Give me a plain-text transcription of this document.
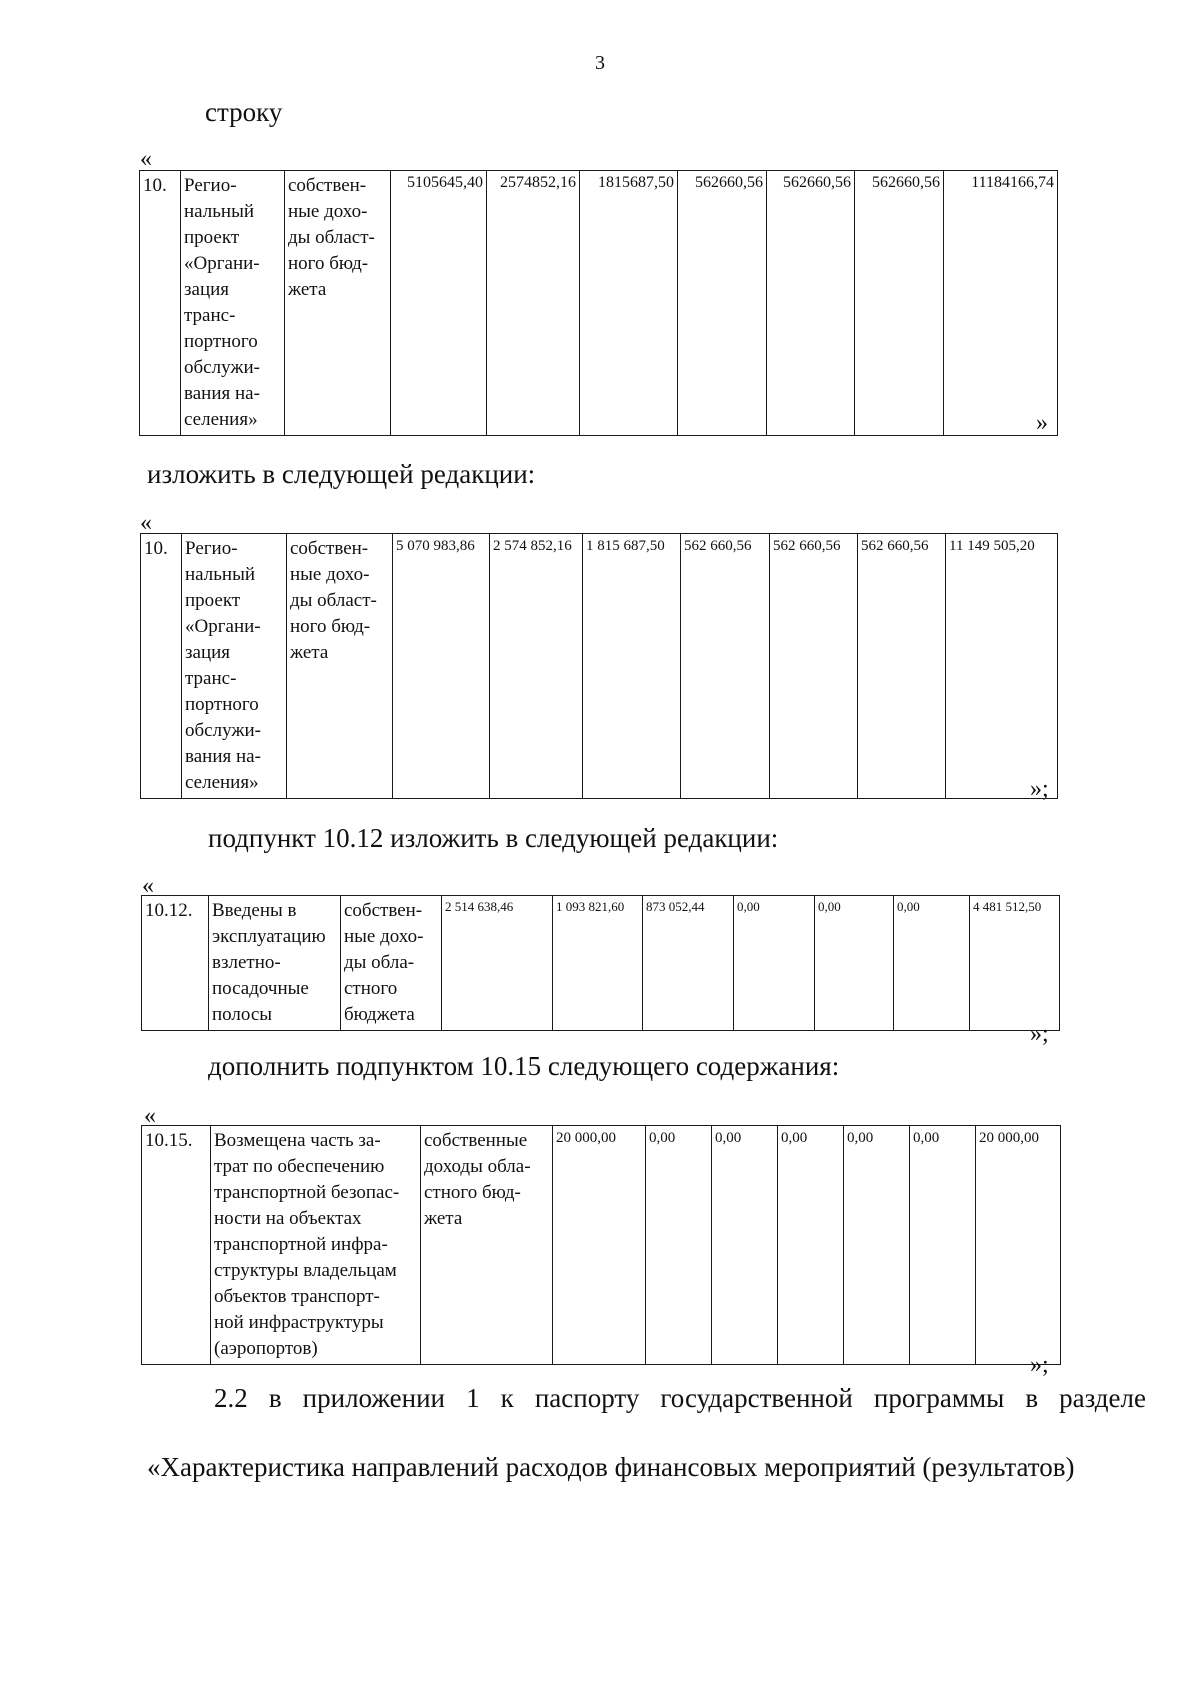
3
строку
«
10.	Регио-
нальный
проект
«Органи-
зация
транс-
портного
обслужи-
вания на-
селения»	собствен-
ные дохо-
ды област-
ного бюд-
жета	5105645,40	2574852,16	1815687,50	562660,56	562660,56	562660,56	11184166,74
»
изложить в следующей редакции:
«
10.	Регио-
нальный
проект
«Органи-
зация
транс-
портного
обслужи-
вания на-
селения»	собствен-
ные дохо-
ды област-
ного бюд-
жета	5 070 983,86	2 574 852,16	1 815 687,50	562 660,56	562 660,56	562 660,56	11 149 505,20
»;
подпункт 10.12 изложить в следующей редакции:
«
10.12.	Введены в
эксплуатацию
взлетно-
посадочные
полосы	собствен-
ные дохо-
ды обла-
стного
бюджета	2 514 638,46	1 093 821,60	873 052,44	0,00	0,00	0,00	4 481 512,50
»;
дополнить подпунктом 10.15 следующего содержания:
«
10.15.	Возмещена часть за-
трат по обеспечению
транспортной безопас-
ности на объектах
транспортной инфра-
структуры владельцам
объектов транспорт-
ной инфраструктуры
(аэропортов)	собственные
доходы обла-
стного бюд-
жета	20 000,00	0,00	0,00	0,00	0,00	0,00	20 000,00
»;
2.2 в приложении 1 к паспорту государственной программы в разделе
«Характеристика направлений расходов финансовых мероприятий (результатов)
